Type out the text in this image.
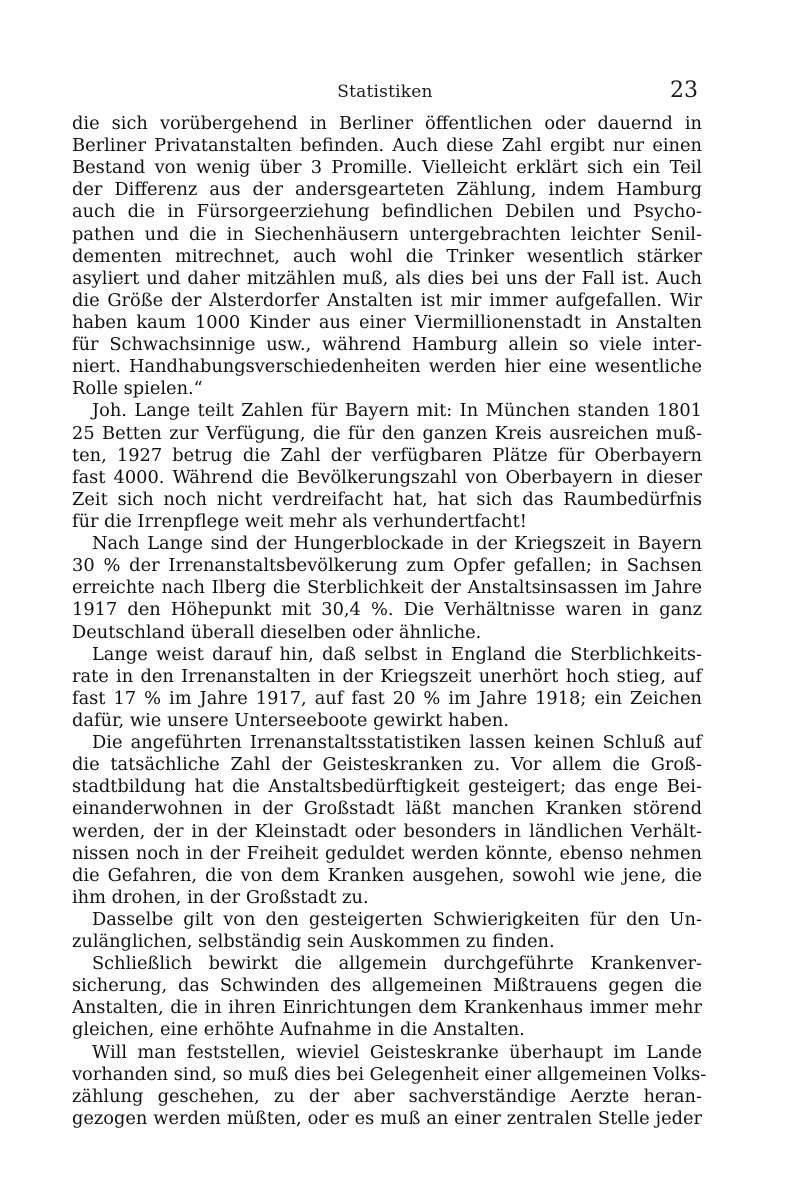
Statistiken	23
die sich vorübergehend in Berliner öffentlichen oder dauernd in
Berliner Privatanstalten befinden. Auch diese Zahl ergibt nur einen
Bestand von wenig über 3 Promille. Vielleicht erklärt sich ein Teil
der Differenz aus der andersgearteten Zählung, indem Hamburg
auch die in Fürsorgeerziehung befindlichen Debilen und Psycho-
pathen und die in Siechenhäusern untergebrachten leichter Senil-
dementen mitrechnet, auch wohl die Trinker wesentlich stärker
asyliert und daher mitzählen muß, als dies bei uns der Fall ist. Auch
die Größe der Alsterdorfer Anstalten ist mir immer aufgefallen. Wir
haben kaum 1000 Kinder aus einer Viermillionenstadt in Anstalten
für Schwachsinnige usw., während Hamburg allein so viele inter-
niert. Handhabungsverschiedenheiten werden hier eine wesentliche
Rolle spielen.“
Joh. Lange teilt Zahlen für Bayern mit: In München standen 1801
25 Betten zur Verfügung, die für den ganzen Kreis ausreichen muß-
ten, 1927 betrug die Zahl der verfügbaren Plätze für Oberbayern
fast 4000. Während die Bevölkerungszahl von Oberbayern in dieser
Zeit sich noch nicht verdreifacht hat, hat sich das Raumbedürfnis
für die Irrenpflege weit mehr als verhundertfacht!
Nach Lange sind der Hungerblockade in der Kriegszeit in Bayern
30 % der Irrenanstaltsbevölkerung zum Opfer gefallen; in Sachsen
erreichte nach Ilberg die Sterblichkeit der Anstaltsinsassen im Jahre
1917 den Höhepunkt mit 30,4 %. Die Verhältnisse waren in ganz
Deutschland überall dieselben oder ähnliche.
Lange weist darauf hin, daß selbst in England die Sterblichkeits-
rate in den Irrenanstalten in der Kriegszeit unerhört hoch stieg, auf
fast 17 % im Jahre 1917, auf fast 20 % im Jahre 1918; ein Zeichen
dafür, wie unsere Unterseeboote gewirkt haben.
Die angeführten Irrenanstaltsstatistiken lassen keinen Schluß auf
die tatsächliche Zahl der Geisteskranken zu. Vor allem die Groß-
stadtbildung hat die Anstaltsbedürftigkeit gesteigert; das enge Bei-
einanderwohnen in der Großstadt läßt manchen Kranken störend
werden, der in der Kleinstadt oder besonders in ländlichen Verhält-
nissen noch in der Freiheit geduldet werden könnte, ebenso nehmen
die Gefahren, die von dem Kranken ausgehen, sowohl wie jene, die
ihm drohen, in der Großstadt zu.
Dasselbe gilt von den gesteigerten Schwierigkeiten für den Un-
zulänglichen, selbständig sein Auskommen zu finden.
Schließlich bewirkt die allgemein durchgeführte Krankenver-
sicherung, das Schwinden des allgemeinen Mißtrauens gegen die
Anstalten, die in ihren Einrichtungen dem Krankenhaus immer mehr
gleichen, eine erhöhte Aufnahme in die Anstalten.
Will man feststellen, wieviel Geisteskranke überhaupt im Lande
vorhanden sind, so muß dies bei Gelegenheit einer allgemeinen Volks-
zählung geschehen, zu der aber sachverständige Aerzte heran-
gezogen werden müßten, oder es muß an einer zentralen Stelle jeder
